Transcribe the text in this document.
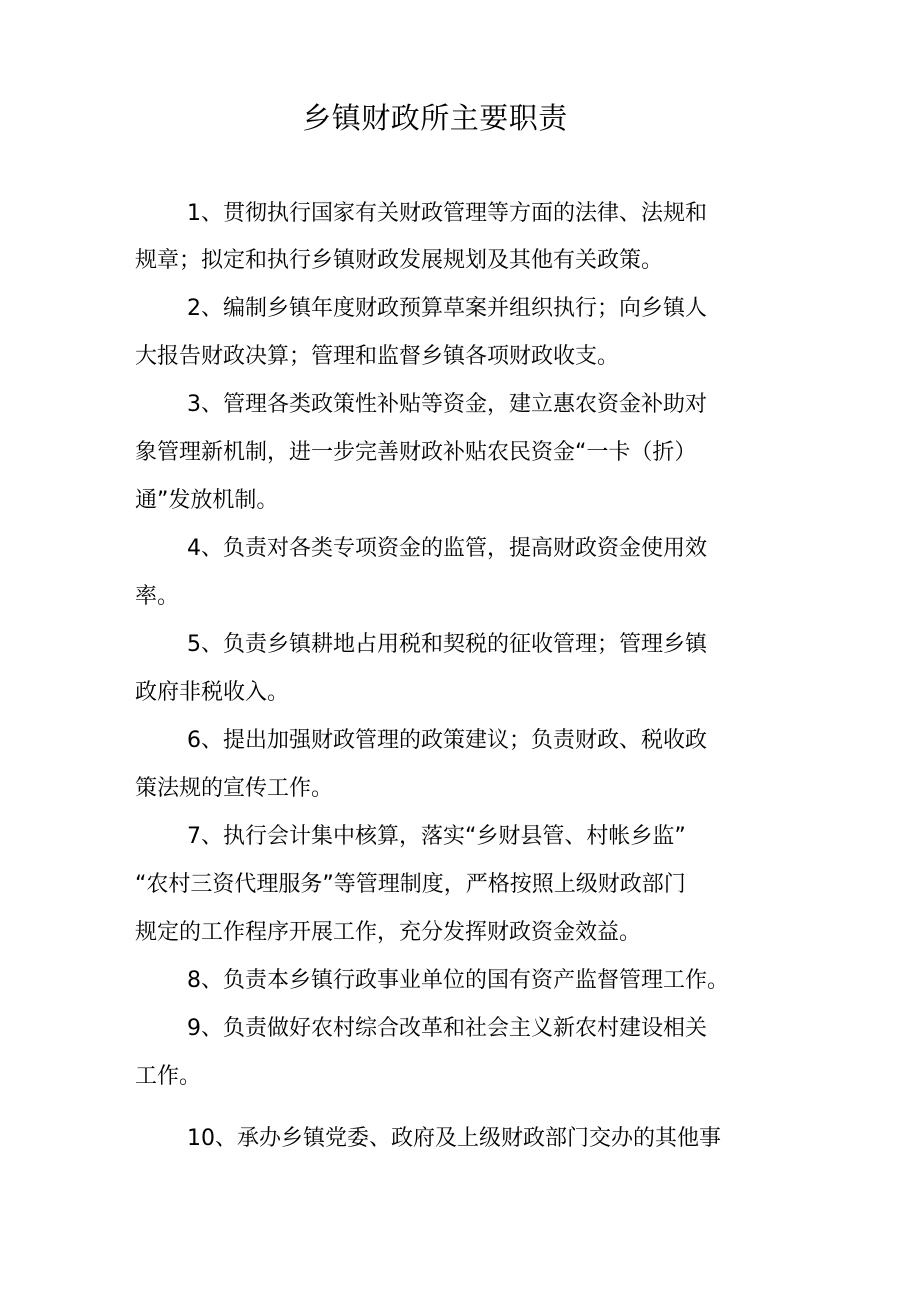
乡镇财政所主要职责

1、贯彻执行国家有关财政管理等方面的法律、法规和

规章；拟定和执行乡镇财政发展规划及其他有关政策。

2、编制乡镇年度财政预算草案并组织执行；向乡镇人

大报告财政决算；管理和监督乡镇各项财政收支。

3、管理各类政策性补贴等资金，建立惠农资金补助对

象管理新机制，进一步完善财政补贴农民资金“一卡（折）

通”发放机制。

4、负责对各类专项资金的监管，提高财政资金使用效

率。

5、负责乡镇耕地占用税和契税的征收管理；管理乡镇

政府非税收入。

6、提出加强财政管理的政策建议；负责财政、税收政

策法规的宣传工作。

7、执行会计集中核算，落实“乡财县管、村帐乡监”

“农村三资代理服务”等管理制度，严格按照上级财政部门

规定的工作程序开展工作，充分发挥财政资金效益。

8、负责本乡镇行政事业单位的国有资产监督管理工作。

9、负责做好农村综合改革和社会主义新农村建设相关

工作。

10、承办乡镇党委、政府及上级财政部门交办的其他事
